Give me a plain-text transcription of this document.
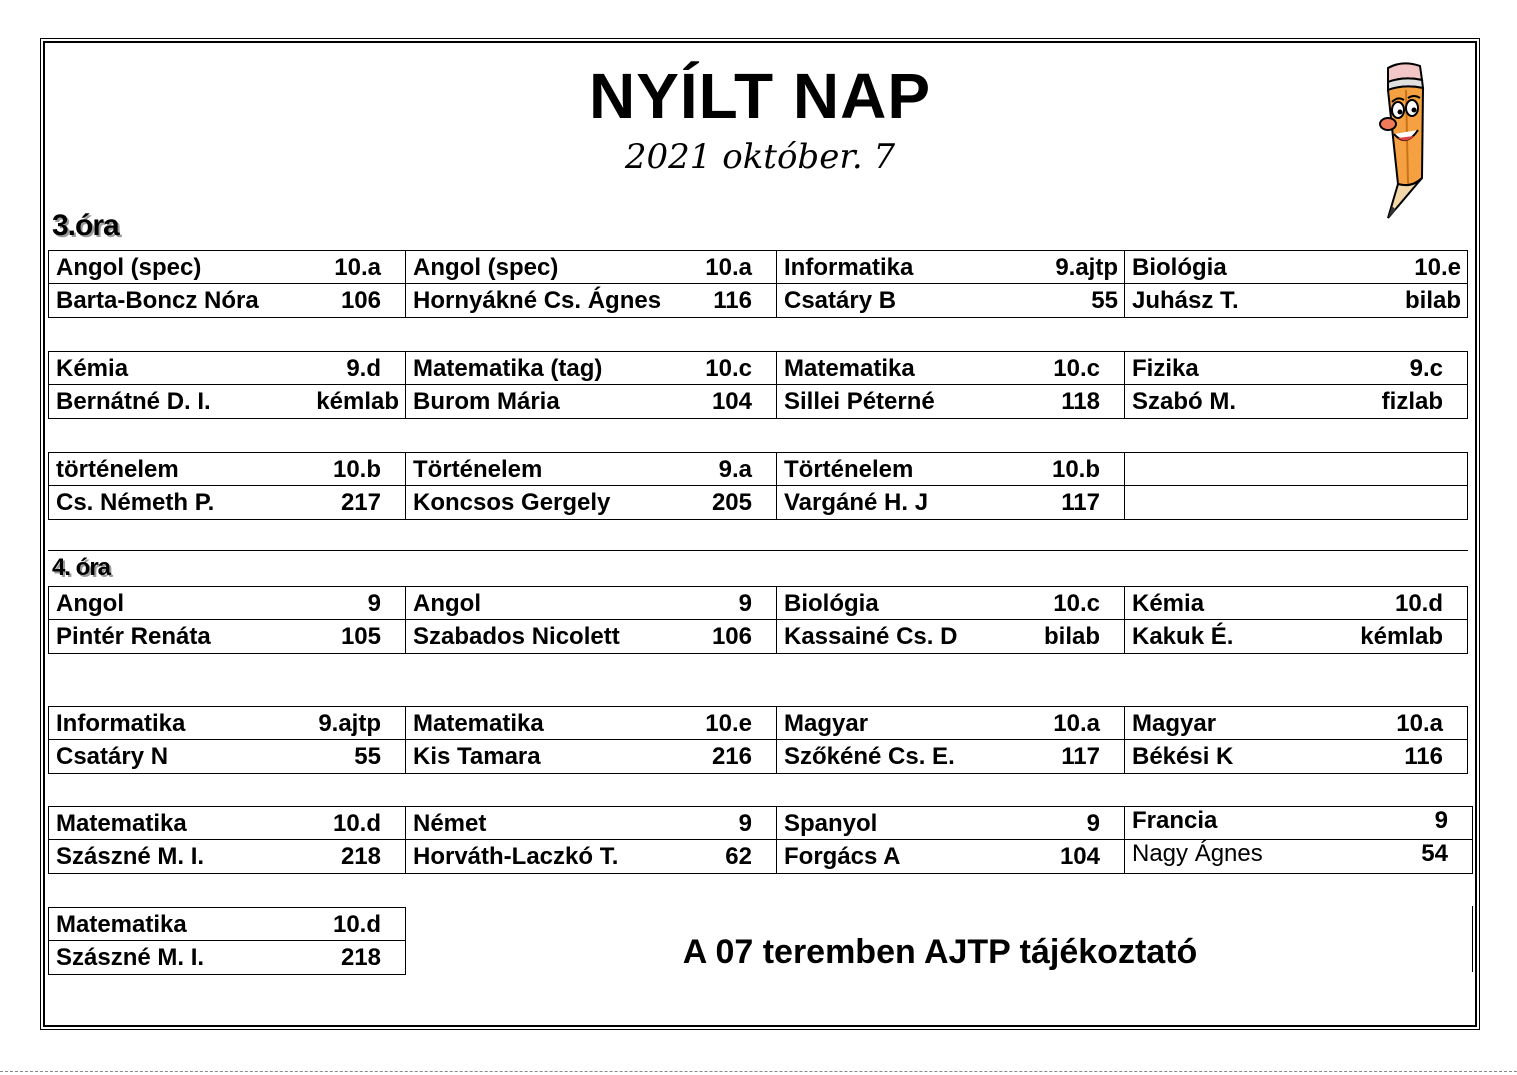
NYÍLT NAP
2021 október. 7
3.óra
Angol (spec)	10.a
Barta-Boncz Nóra	106
Angol (spec)	10.a
Hornyákné Cs. Ágnes 116
Informatika	9.ajtp
Csatáry B	55
Biológia	10.e
Juhász T.	bilab
Kémia	9.d
Bernátné D. I.	kémlab
Matematika (tag)	10.c
Burom Mária	104
Matematika	10.c
Sillei Péterné	118
Fizika	9.c
Szabó M.	fizlab
történelem	10.b
Cs. Németh P.	217
Történelem	9.a
Koncsos Gergely	205
Történelem	10.b
Vargáné H. J	117
4. óra
Angol	9
Pintér Renáta	105
Angol	9
Szabados Nicolett	106
Biológia	10.c
Kassainé Cs. D	bilab
Kémia	10.d
Kakuk É.	kémlab
Informatika	9.ajtp
Csatáry N	55
Matematika	10.e
Kis Tamara	216
Magyar	10.a
Szőkéné Cs. E.	117
Magyar	10.a
Békési K	116
Matematika	10.d
Szászné M. I.	218
Német	9
Horváth-Laczkó T.	62
Spanyol	9
Forgács A	104
Francia	9
Nagy Ágnes	54
Matematika	10.d
Szászné M. I.	218	A 07 teremben AJTP tájékoztató
